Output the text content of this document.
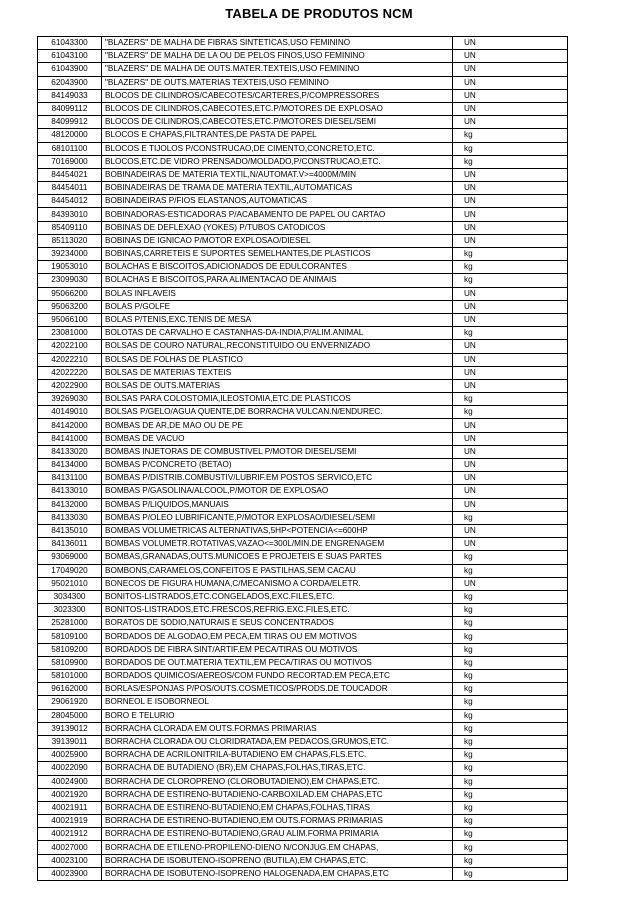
TABELA DE PRODUTOS NCM
61043300	"BLAZERS" DE MALHA DE FIBRAS SINTETICAS,USO FEMININO	UN
61043100	"BLAZERS" DE MALHA DE LA OU DE PELOS FINOS,USO FEMININO	UN
61043900	"BLAZERS" DE MALHA DE OUTS.MATER.TEXTEIS,USO FEMININO	UN
62043900	"BLAZERS" DE OUTS.MATERIAS TEXTEIS,USO FEMININO	UN
84149033	BLOCOS DE CILINDROS/CABECOTES/CARTERES,P/COMPRESSORES	UN
84099112	BLOCOS DE CILINDROS,CABECOTES,ETC.P/MOTORES DE EXPLOSAO	UN
84099912	BLOCOS DE CILINDROS,CABECOTES,ETC.P/MOTORES DIESEL/SEMI	UN
48120000	BLOCOS E CHAPAS,FILTRANTES,DE PASTA DE PAPEL	kg
68101100	BLOCOS E TIJOLOS P/CONSTRUCAO,DE CIMENTO,CONCRETO,ETC.	kg
70169000	BLOCOS,ETC.DE VIDRO PRENSADO/MOLDADO,P/CONSTRUCAO,ETC.	kg
84454021	BOBINADEIRAS DE MATERIA TEXTIL,N/AUTOMAT.V>=4000M/MIN	UN
84454011	BOBINADEIRAS DE TRAMA DE MATERIA TEXTIL,AUTOMATICAS	UN
84454012	BOBINADEIRAS P/FIOS ELASTANOS,AUTOMATICAS	UN
84393010	BOBINADORAS-ESTICADORAS P/ACABAMENTO DE PAPEL OU CARTAO	UN
85409110	BOBINAS DE DEFLEXAO (YOKES) P/TUBOS CATODICOS	UN
85113020	BOBINAS DE IGNICAO P/MOTOR EXPLOSAO/DIESEL	UN
39234000	BOBINAS,CARRETEIS E SUPORTES SEMELHANTES,DE PLASTICOS	kg
19053010	BOLACHAS E BISCOITOS,ADICIONADOS DE EDULCORANTES	kg
23099030	BOLACHAS E BISCOITOS,PARA ALIMENTACAO DE ANIMAIS	kg
95066200	BOLAS INFLAVEIS	UN
95063200	BOLAS P/GOLFE	UN
95066100	BOLAS P/TENIS,EXC.TENIS DE MESA	UN
23081000	BOLOTAS DE CARVALHO E CASTANHAS-DA-INDIA,P/ALIM.ANIMAL	kg
42022100	BOLSAS DE COURO NATURAL,RECONSTITUIDO OU ENVERNIZADO	UN
42022210	BOLSAS DE FOLHAS DE PLASTICO	UN
42022220	BOLSAS DE MATERIAS TEXTEIS	UN
42022900	BOLSAS DE OUTS.MATERIAS	UN
39269030	BOLSAS PARA COLOSTOMIA,ILEOSTOMIA,ETC.DE PLASTICOS	kg
40149010	BOLSAS P/GELO/AGUA QUENTE,DE BORRACHA VULCAN.N/ENDUREC.	kg
84142000	BOMBAS DE AR,DE MAO OU DE PE	UN
84141000	BOMBAS DE VACUO	UN
84133020	BOMBAS INJETORAS DE COMBUSTIVEL P/MOTOR DIESEL/SEMI	UN
84134000	BOMBAS P/CONCRETO (BETAO)	UN
84131100	BOMBAS P/DISTRIB.COMBUSTIV/LUBRIF.EM POSTOS SERVICO,ETC	UN
84133010	BOMBAS P/GASOLINA/ALCOOL,P/MOTOR DE EXPLOSAO	UN
84132000	BOMBAS P/LIQUIDOS,MANUAIS	UN
84133030	BOMBAS P/OLEO LUBRIFICANTE,P/MOTOR EXPLOSAO/DIESEL/SEMI	kg
84135010	BOMBAS VOLUMETRICAS ALTERNATIVAS,5HP<POTENCIA<=600HP	UN
84136011	BOMBAS VOLUMETR.ROTATIVAS,VAZAO<=300L/MIN.DE ENGRENAGEM	UN
93069000	BOMBAS,GRANADAS,OUTS.MUNICOES E PROJETEIS E SUAS PARTES	kg
17049020	BOMBONS,CARAMELOS,CONFEITOS E PASTILHAS,SEM CACAU	kg
95021010	BONECOS DE FIGURA HUMANA,C/MECANISMO A CORDA/ELETR.	UN
3034300	BONITOS-LISTRADOS,ETC.CONGELADOS,EXC.FILES,ETC.	kg
3023300	BONITOS-LISTRADOS,ETC.FRESCOS,REFRIG.EXC.FILES,ETC.	kg
25281000	BORATOS DE SODIO,NATURAIS E SEUS CONCENTRADOS	kg
58109100	BORDADOS DE ALGODAO,EM PECA,EM TIRAS OU EM MOTIVOS	kg
58109200	BORDADOS DE FIBRA SINT/ARTIF.EM PECA/TIRAS OU MOTIVOS	kg
58109900	BORDADOS DE OUT.MATERIA TEXTIL,EM PECA/TIRAS OU MOTIVOS	kg
58101000	BORDADOS QUIMICOS/AEREOS/COM FUNDO RECORTAD.EM PECA,ETC	kg
96162000	BORLAS/ESPONJAS P/POS/OUTS.COSMETICOS/PRODS.DE TOUCADOR	kg
29061920	BORNEOL E ISOBORNEOL	kg
28045000	BORO E TELURIO	kg
39139012	BORRACHA CLORADA EM OUTS.FORMAS PRIMARIAS	kg
39139011	BORRACHA CLORADA OU CLORIDRATADA,EM PEDACOS,GRUMOS,ETC.	kg
40025900	BORRACHA DE ACRILONITRILA-BUTADIENO EM CHAPAS,FLS.ETC.	kg
40022090	BORRACHA DE BUTADIENO (BR),EM CHAPAS,FOLHAS,TIRAS,ETC.	kg
40024900	BORRACHA DE CLOROPRENO (CLOROBUTADIENO),EM CHAPAS,ETC.	kg
40021920	BORRACHA DE ESTIRENO-BUTADIENO-CARBOXILAD.EM CHAPAS,ETC	kg
40021911	BORRACHA DE ESTIRENO-BUTADIENO,EM CHAPAS,FOLHAS,TIRAS	kg
40021919	BORRACHA DE ESTIRENO-BUTADIENO,EM OUTS.FORMAS PRIMARIAS	kg
40021912	BORRACHA DE ESTIRENO-BUTADIENO,GRAU ALIM.FORMA PRIMARIA	kg
40027000	BORRACHA DE ETILENO-PROPILENO-DIENO N/CONJUG.EM CHAPAS,	kg
40023100	BORRACHA DE ISOBUTENO-ISOPRENO (BUTILA),EM CHAPAS,ETC.	kg
40023900	BORRACHA DE ISOBUTENO-ISOPRENO HALOGENADA,EM CHAPAS,ETC	kg
